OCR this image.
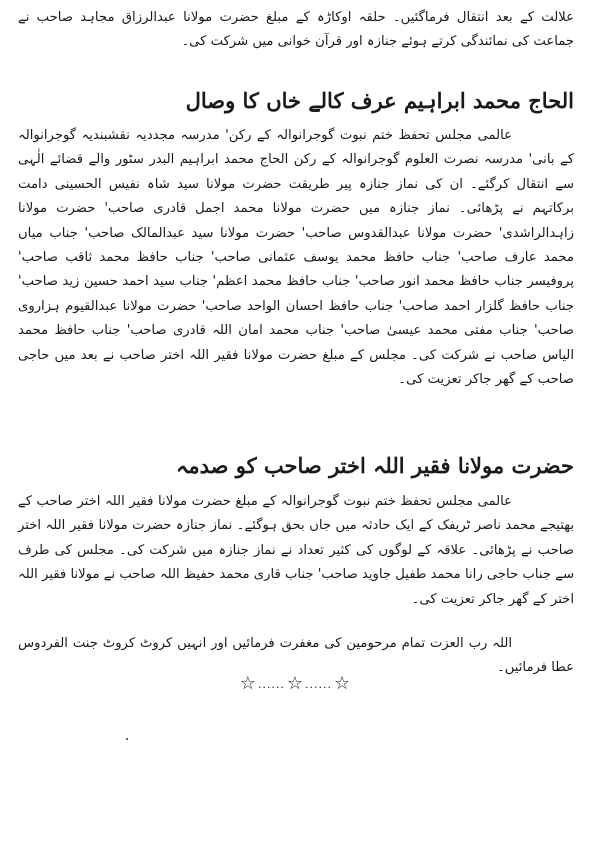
علالت کے بعد انتقال فرماگئیں۔ حلقہ اوکاڑہ کے مبلغ حضرت مولانا عبدالرزاق مجاہد صاحب نے جماعت کی نمائندگی کرتے ہوئے جنازہ اور قرآن خوانی میں شرکت کی۔

الحاج محمد ابراہیم عرف کالے خاں کا وصال

عالمی مجلس تحفظ ختم نبوت گوجرانوالہ کے رکن' مدرسہ مجددیہ نقشبندیہ گوجرانوالہ کے بانی' مدرسہ نصرت العلوم گوجرانوالہ کے رکن الحاج محمد ابراہیم البدر سٹور والے قضائے الٰہی سے انتقال کرگئے۔ ان کی نماز جنازہ پیر طریقت حضرت مولانا سید شاہ نفیس الحسینی دامت برکاتہم نے پڑھائی۔ نماز جنازہ میں حضرت مولانا محمد اجمل قادری صاحب' حضرت مولانا زاہدالراشدی' حضرت مولانا عبدالقدوس صاحب' حضرت مولانا سید عبدالمالک صاحب' جناب میاں محمد عارف صاحب' جناب حافظ محمد یوسف عثمانی صاحب' جناب حافظ محمد ثاقب صاحب' پروفیسر جناب حافظ محمد انور صاحب' جناب حافظ محمد اعظم' جناب سید احمد حسین زید صاحب' جناب حافظ گلزار احمد صاحب' جناب حافظ احسان الواحد صاحب' حضرت مولانا عبدالقیوم ہزاروی صاحب' جناب مفتی محمد عیسیٰ صاحب' جناب محمد امان اللہ قادری صاحب' جناب حافظ محمد الیاس صاحب نے شرکت کی۔ مجلس کے مبلغ حضرت مولانا فقیر اللہ اختر صاحب نے بعد میں حاجی صاحب کے گھر جاکر تعزیت کی۔

حضرت مولانا فقیر اللہ اختر صاحب کو صدمہ

عالمی مجلس تحفظ ختم نبوت گوجرانوالہ کے مبلغ حضرت مولانا فقیر اللہ اختر صاحب کے بھتیجے محمد ناصر ٹریفک کے ایک حادثہ میں جاں بحق ہوگئے۔ نماز جنازہ حضرت مولانا فقیر اللہ اختر صاحب نے پڑھائی۔ علاقہ کے لوگوں کی کثیر تعداد نے نماز جنازہ میں شرکت کی۔ مجلس کی طرف سے جناب حاجی رانا محمد طفیل جاوید صاحب' جناب قاری محمد حفیظ اللہ صاحب نے مولانا فقیر اللہ اختر کے گھر جاکر تعزیت کی۔

اللہ رب العزت تمام مرحومین کی مغفرت فرمائیں اور انہیں کروٹ کروٹ جنت الفردوس عطا فرمائیں۔

☆ ...... ☆ ...... ☆
